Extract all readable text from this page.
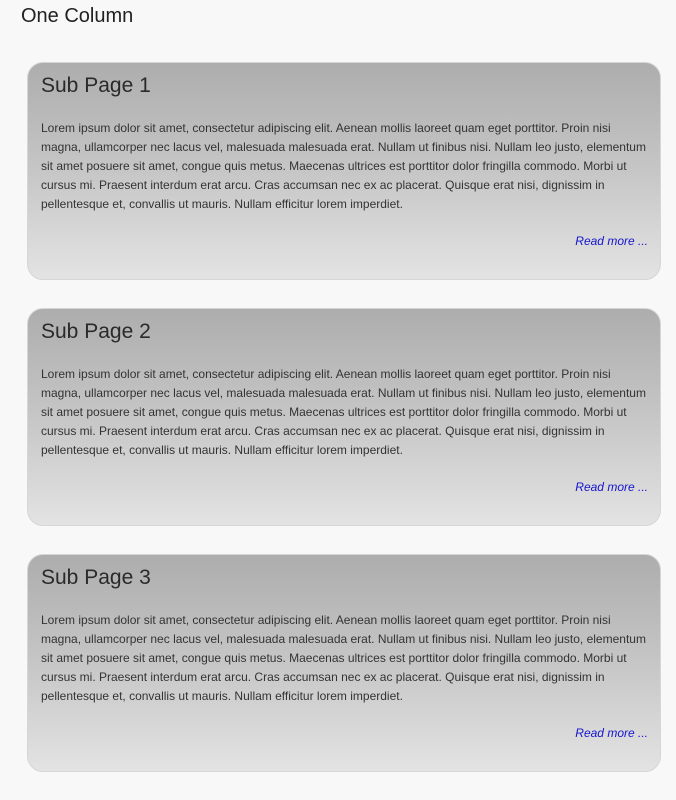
One Column
Sub Page 1

Lorem ipsum dolor sit amet, consectetur adipiscing elit. Aenean mollis laoreet quam eget porttitor. Proin nisi magna, ullamcorper nec lacus vel, malesuada malesuada erat. Nullam ut finibus nisi. Nullam leo justo, elementum sit amet posuere sit amet, congue quis metus. Maecenas ultrices est porttitor dolor fringilla commodo. Morbi ut cursus mi. Praesent interdum erat arcu. Cras accumsan nec ex ac placerat. Quisque erat nisi, dignissim in pellentesque et, convallis ut mauris. Nullam efficitur lorem imperdiet.

Read more ...
Sub Page 2

Lorem ipsum dolor sit amet, consectetur adipiscing elit. Aenean mollis laoreet quam eget porttitor. Proin nisi magna, ullamcorper nec lacus vel, malesuada malesuada erat. Nullam ut finibus nisi. Nullam leo justo, elementum sit amet posuere sit amet, congue quis metus. Maecenas ultrices est porttitor dolor fringilla commodo. Morbi ut cursus mi. Praesent interdum erat arcu. Cras accumsan nec ex ac placerat. Quisque erat nisi, dignissim in pellentesque et, convallis ut mauris. Nullam efficitur lorem imperdiet.

Read more ...
Sub Page 3

Lorem ipsum dolor sit amet, consectetur adipiscing elit. Aenean mollis laoreet quam eget porttitor. Proin nisi magna, ullamcorper nec lacus vel, malesuada malesuada erat. Nullam ut finibus nisi. Nullam leo justo, elementum sit amet posuere sit amet, congue quis metus. Maecenas ultrices est porttitor dolor fringilla commodo. Morbi ut cursus mi. Praesent interdum erat arcu. Cras accumsan nec ex ac placerat. Quisque erat nisi, dignissim in pellentesque et, convallis ut mauris. Nullam efficitur lorem imperdiet.

Read more ...
